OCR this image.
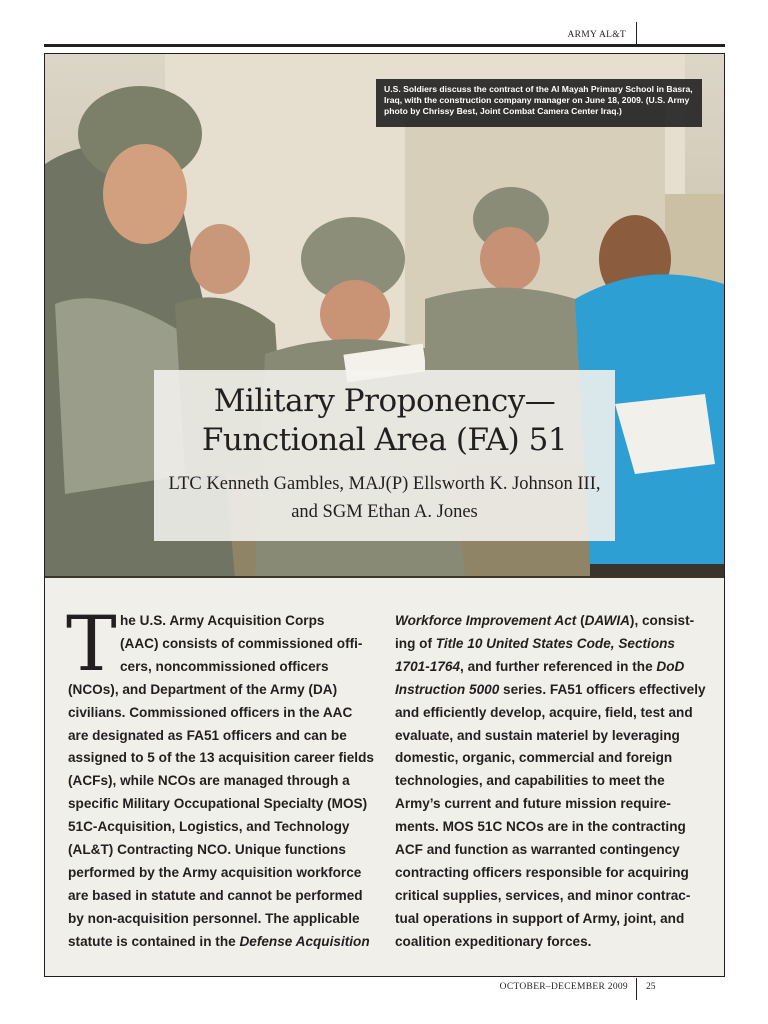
ARMY AL&T
U.S. Soldiers discuss the contract of the Al Mayah Primary School in Basra, Iraq, with the construction company manager on June 18, 2009. (U.S. Army photo by Chrissy Best, Joint Combat Camera Center Iraq.)
Military Proponency—
Functional Area (FA) 51
LTC Kenneth Gambles, MAJ(P) Ellsworth K. Johnson III,
and SGM Ethan A. Jones
T he U.S. Army Acquisition Corps
(AAC) consists of commissioned offi-
cers, noncommissioned officers
(NCOs), and Department of the Army (DA)
civilians. Commissioned officers in the AAC
are designated as FA51 officers and can be
assigned to 5 of the 13 acquisition career fields
(ACFs), while NCOs are managed through a
specific Military Occupational Specialty (MOS)
51C-Acquisition, Logistics, and Technology
(AL&T) Contracting NCO. Unique functions
performed by the Army acquisition workforce
are based in statute and cannot be performed
by non-acquisition personnel. The applicable
statute is contained in the Defense Acquisition
Workforce Improvement Act (DAWIA), consist-
ing of Title 10 United States Code, Sections
1701-1764, and further referenced in the DoD
Instruction 5000 series. FA51 officers effectively
and efficiently develop, acquire, field, test and
evaluate, and sustain materiel by leveraging
domestic, organic, commercial and foreign
technologies, and capabilities to meet the
Army’s current and future mission require-
ments. MOS 51C NCOs are in the contracting
ACF and function as warranted contingency
contracting officers responsible for acquiring
critical supplies, services, and minor contrac-
tual operations in support of Army, joint, and
coalition expeditionary forces.
OCTOBER–DECEMBER 2009 25
